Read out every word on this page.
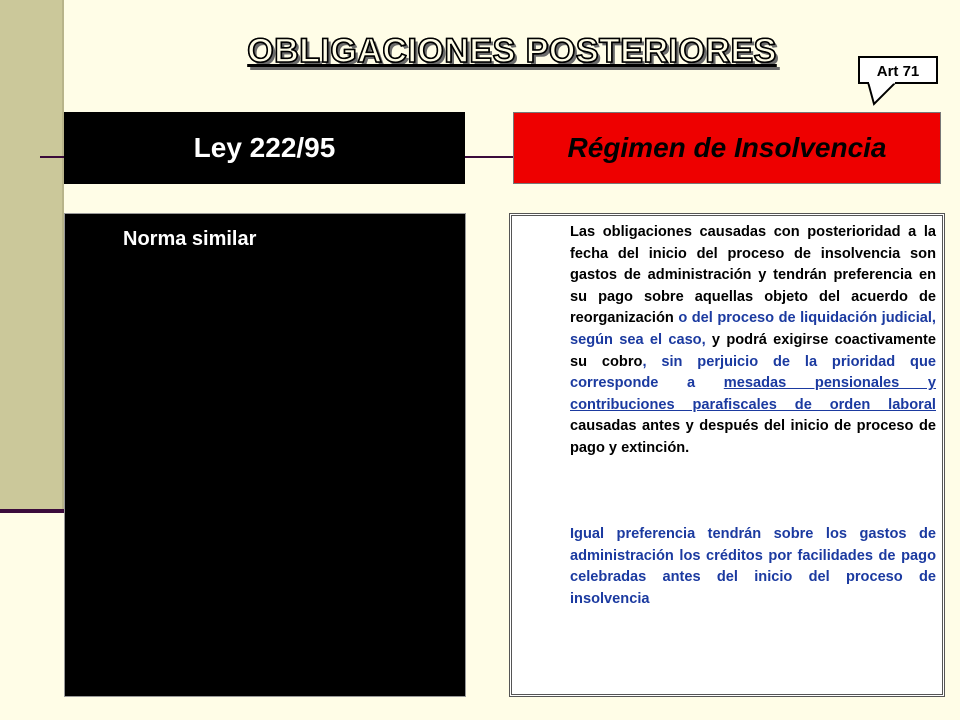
OBLIGACIONES POSTERIORES
Art 71
Ley 222/95	Régimen de Insolvencia
Norma similar	Las obligaciones causadas con posterioridad a la fecha del inicio del proceso de insolvencia son gastos de administración y tendrán preferencia en su pago sobre aquellas objeto del acuerdo de reorganización o del proceso de liquidación judicial, según sea el caso, y podrá exigirse coactivamente su cobro, sin perjuicio de la prioridad que corresponde a mesadas pensionales y contribuciones parafiscales de orden laboral causadas antes y después del inicio de proceso de pago y extinción.

Igual preferencia tendrán sobre los gastos de administración los créditos por facilidades de pago celebradas antes del inicio del proceso de insolvencia
